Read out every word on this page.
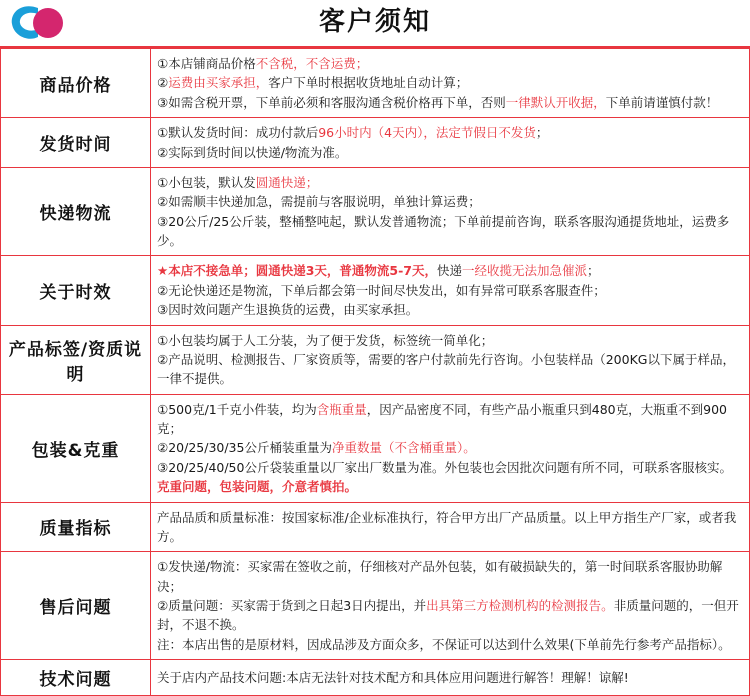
客户须知
商品价格	①本店铺商品价格不含税，不含运费；

②运费由买家承担，客户下单时根据收货地址自动计算；

③如需含税开票，下单前必须和客服沟通含税价格再下单，否则一律默认开收据，下单前请谨慎付款！

发货时间	①默认发货时间：成功付款后96小时内（4天内），法定节假日不发货；

②实际到货时间以快递/物流为准。

快递物流	①小包装，默认发圆通快递；

②如需顺丰快递加急，需提前与客服说明，单独计算运费；

③20公斤/25公斤装，整桶整吨起，默认发普通物流；下单前提前咨询，联系客服沟通提货地址，运费多少。

关于时效	★本店不接急单；圆通快递3天，普通物流5-7天，快递一经收揽无法加急催派；

②无论快递还是物流，下单后都会第一时间尽快发出，如有异常可联系客服查件；

③因时效问题产生退换货的运费，由买家承担。

产品标签/资质说明	①小包装均属于人工分装，为了便于发货，标签统一简单化；

②产品说明、检测报告、厂家资质等，需要的客户付款前先行咨询。小包装样品（200KG以下属于样品，一律不提供。

包装&克重	①500克/1千克小件装，均为含瓶重量，因产品密度不同，有些产品小瓶重只到480克，大瓶重不到900克；

②20/25/30/35公斤桶装重量为净重数量（不含桶重量）。

③20/25/40/50公斤袋装重量以厂家出厂数量为准。外包装也会因批次问题有所不同，可联系客服核实。

克重问题，包装问题，介意者慎拍。

质量指标	产品品质和质量标准：按国家标准/企业标准执行，符合甲方出厂产品质量。以上甲方指生产厂家，或者我方。

售后问题	①发快递/物流：买家需在签收之前，仔细核对产品外包装，如有破损缺失的，第一时间联系客服协助解决；

②质量问题：买家需于货到之日起3日内提出，并出具第三方检测机构的检测报告。非质量问题的，一但开封，不退不换。

注：本店出售的是原材料，因成品涉及方面众多，不保证可以达到什么效果(下单前先行参考产品指标）。

技术问题	关于店内产品技术问题:本店无法针对技术配方和具体应用问题进行解答！理解！谅解!
